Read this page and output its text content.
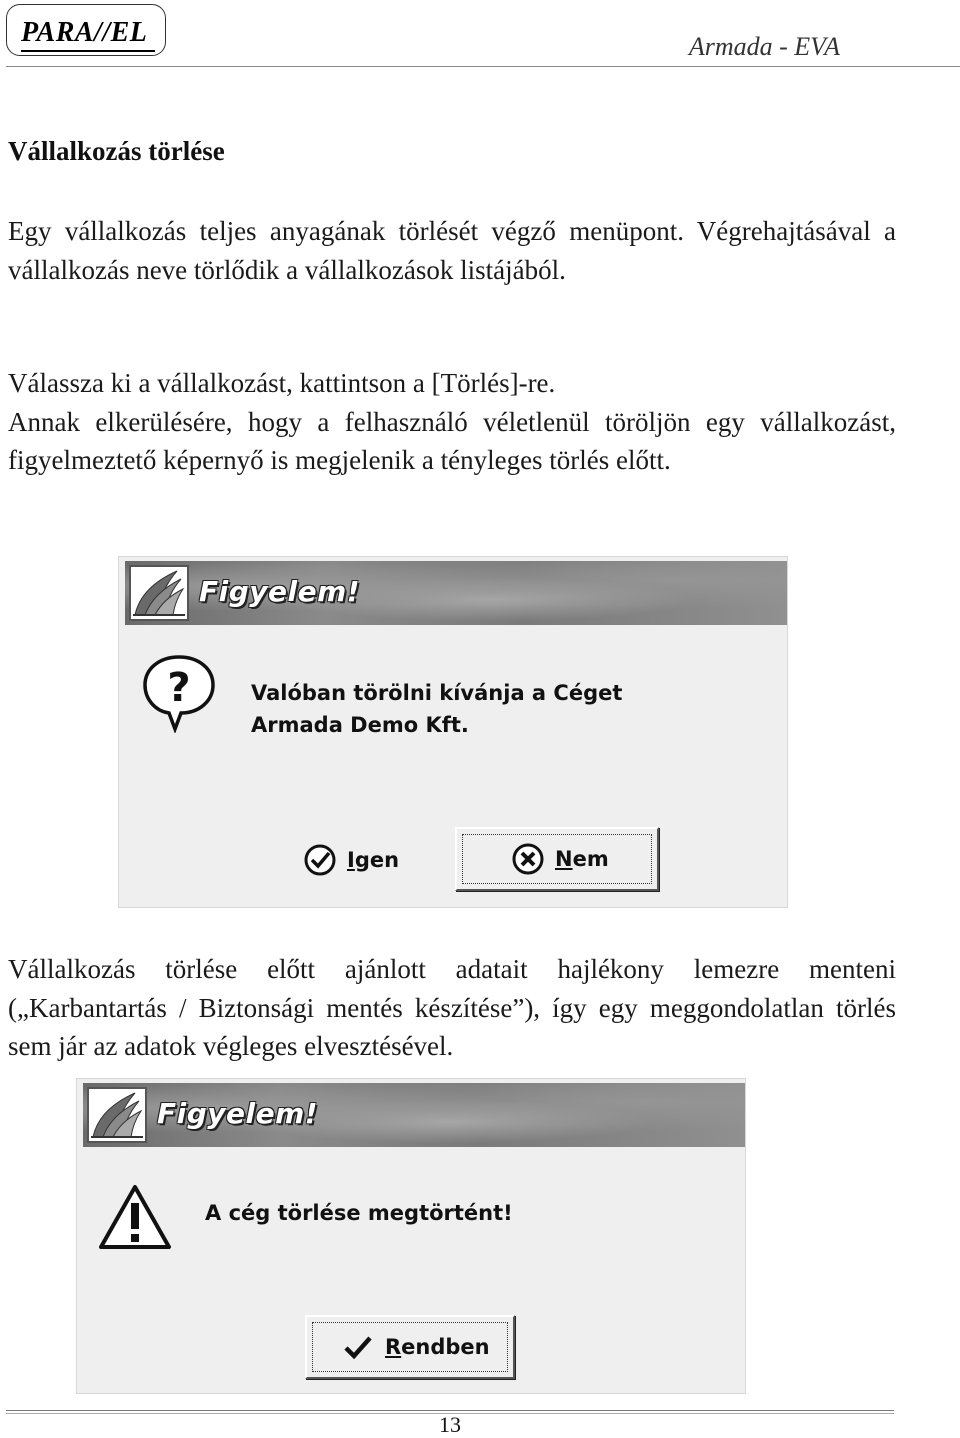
PARA//EL	Armada - EVA
Vállalkozás törlése

Egy vállalkozás teljes anyagának törlését végző menüpont. Végrehajtásával a vállalkozás neve törlődik a vállalkozások listájából.

Válassza ki a vállalkozást, kattintson a [Törlés]-re.
Annak elkerülésére, hogy a felhasználó véletlenül töröljön egy vállalkozást, figyelmeztető képernyő is megjelenik a tényleges törlés előtt.
Figyelem!
?	Valóban törölni kívánja a Céget
Armada Demo Kft.
Igen	Nem

Vállalkozás törlése előtt ajánlott adatait hajlékony lemezre menteni („Karbantartás / Biztonsági mentés készítése”), így egy meggondolatlan törlés sem jár az adatok végleges elvesztésével.

Figyelem!
A cég törlése megtörtént!
Rendben
13
